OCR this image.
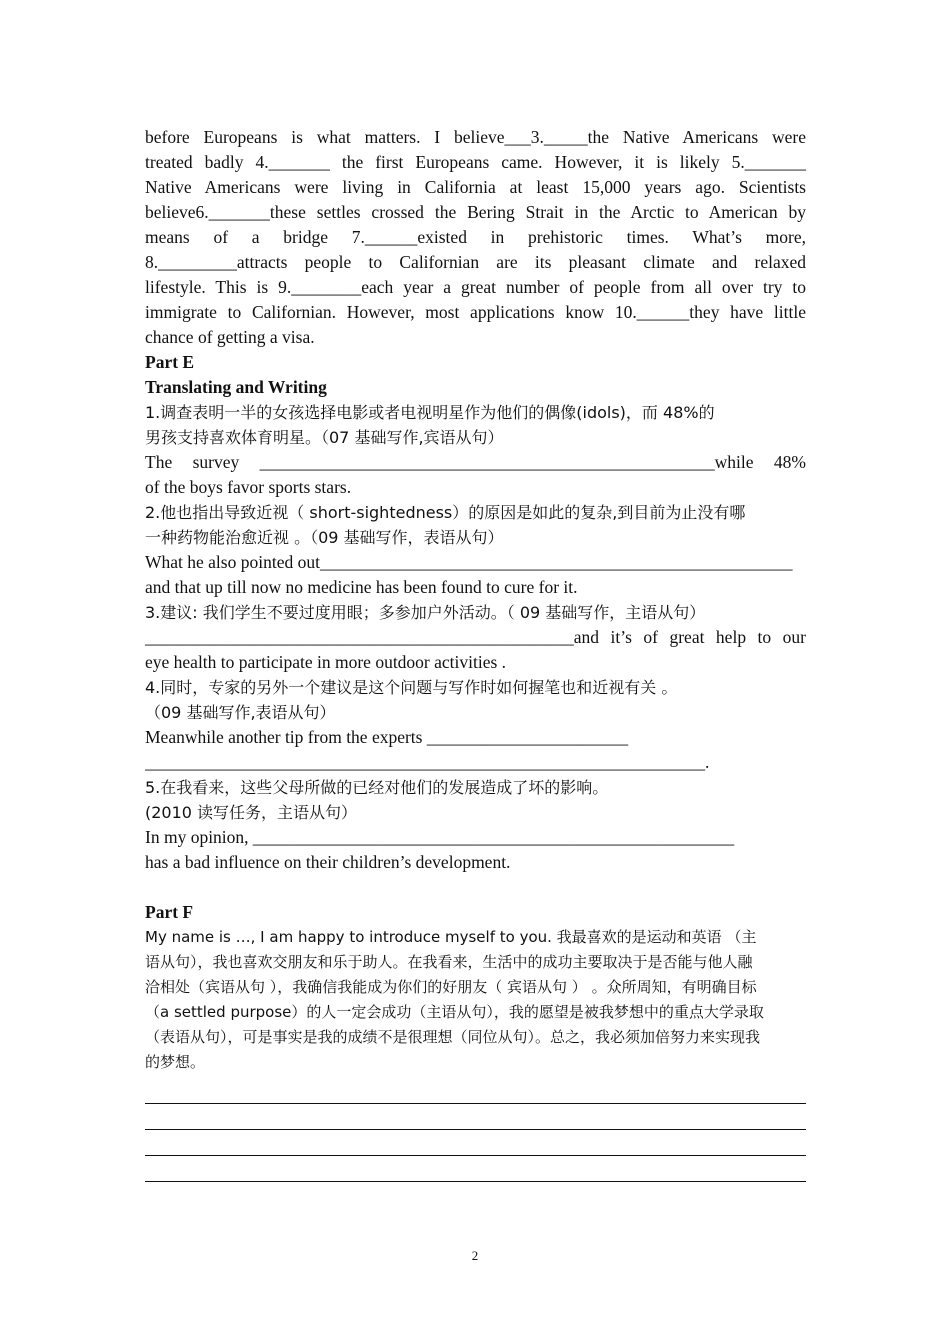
before Europeans is what matters. I believe___3._____the Native Americans were

treated badly 4._______ the first Europeans came. However, it is likely 5._______

Native Americans were living in California at least 15,000 years ago. Scientists

believe6._______these settles crossed the Bering Strait in the Arctic to American by

means of a bridge 7.______existed in prehistoric times. What’s more,

8._________attracts people to Californian are its pleasant climate and relaxed

lifestyle. This is 9.________each year a great number of people from all over try to

immigrate to Californian. However, most applications know 10.______they have little

chance of getting a visa.

Part E

Translating and Writing

1.调查表明一半的女孩选择电影或者电视明星作为他们的偶像(idols)，而 48%的

男孩支持喜欢体育明星。（07 基础写作,宾语从句）

The survey ____________________________________________________while 48%

of the boys favor sports stars.

2.他也指出导致近视（ short-sightedness）的原因是如此的复杂,到目前为止没有哪

一种药物能治愈近视 。（09 基础写作，表语从句）

What he also pointed out______________________________________________________

and that up till now no medicine has been found to cure for it.

3.建议: 我们学生不要过度用眼；多参加户外活动。（ 09 基础写作，主语从句）

_________________________________________________and it’s of great help to our

eye health to participate in more outdoor activities .

4.同时，专家的另外一个建议是这个问题与写作时如何握笔也和近视有关 。

（09 基础写作,表语从句）

Meanwhile another tip from the experts _______________________

________________________________________________________________.

5.在我看来，这些父母所做的已经对他们的发展造成了坏的影响。

(2010 读写任务，主语从句）

In my opinion, _______________________________________________________

has a bad influence on their children’s development.

Part F

My name is …, I am happy to introduce myself to you. 我最喜欢的是运动和英语 （主

语从句），我也喜欢交朋友和乐于助人。在我看来，生活中的成功主要取决于是否能与他人融

洽相处（宾语从句 ），我确信我能成为你们的好朋友（ 宾语从句 ） 。众所周知，有明确目标

（a settled purpose）的人一定会成功（主语从句），我的愿望是被我梦想中的重点大学录取

（表语从句），可是事实是我的成绩不是很理想（同位从句）。总之，我必须加倍努力来实现我

的梦想。

2
